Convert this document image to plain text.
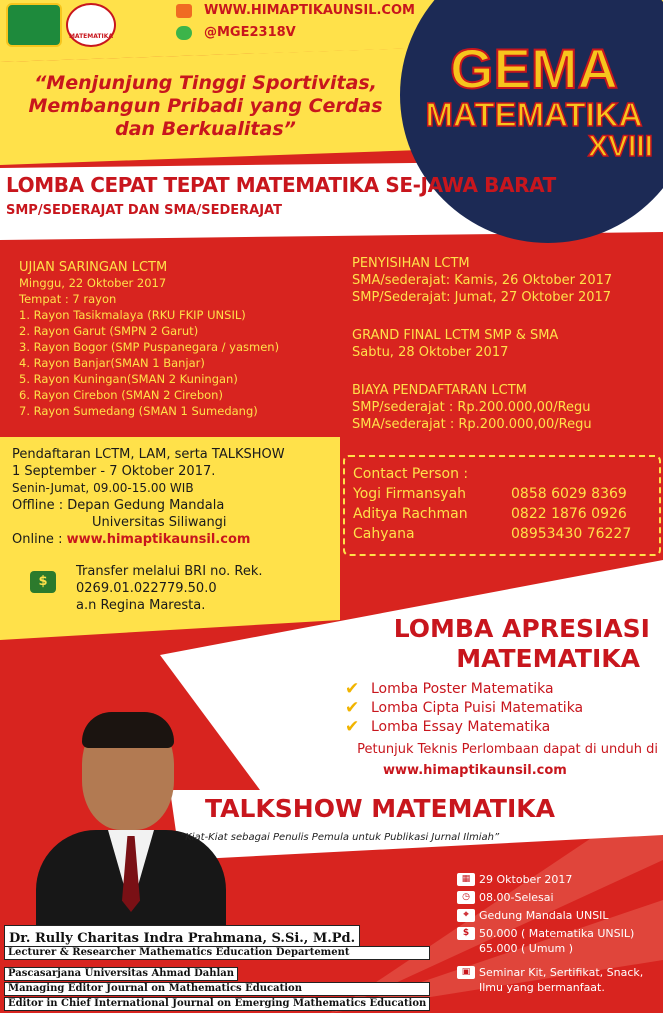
MATEMATIKA
WWW.HIMAPTIKAUNSIL.COM
@MGE2318V
“Menjunjung Tinggi Sportivitas,
Membangun Pribadi yang Cerdas
dan Berkualitas”
GEMA
MATEMATIKA
XVIII
LOMBA CEPAT TEPAT MATEMATIKA SE-JAWA BARAT
SMP/SEDERAJAT DAN SMA/SEDERAJAT
UJIAN SARINGAN LCTM
Minggu, 22 Oktober 2017
Tempat : 7 rayon
1. Rayon Tasikmalaya (RKU FKIP UNSIL)
2. Rayon Garut (SMPN 2 Garut)
3. Rayon Bogor (SMP Puspanegara / yasmen)
4. Rayon Banjar(SMAN 1 Banjar)
5. Rayon Kuningan(SMAN 2 Kuningan)
6. Rayon Cirebon (SMAN 2 Cirebon)
7. Rayon Sumedang (SMAN 1 Sumedang)
PENYISIHAN LCTM
SMA/sederajat: Kamis, 26 Oktober 2017
SMP/Sederajat: Jumat, 27 Oktober 2017
GRAND FINAL LCTM SMP & SMA
Sabtu, 28 Oktober 2017
BIAYA PENDAFTARAN LCTM
SMP/sederajat : Rp.200.000,00/Regu
SMA/sederajat : Rp.200.000,00/Regu
Pendaftaran LCTM, LAM, serta TALKSHOW
1 September - 7 Oktober 2017.
Senin-Jumat, 09.00-15.00 WIB
Offline : Depan Gedung Mandala
Universitas Siliwangi
Online : www.himaptikaunsil.com
$
Transfer melalui BRI no. Rek.
0269.01.022779.50.0
a.n Regina Maresta.
Contact Person :
Yogi Firmansyah	0858 6029 8369
Aditya Rachman	0822 1876 0926
Cahyana	08953430 76227
LOMBA APRESIASI
MATEMATIKA
✔ Lomba Poster Matematika
✔ Lomba Cipta Puisi Matematika
✔ Lomba Essay Matematika
Petunjuk Teknis Perlombaan dapat di unduh di
www.himaptikaunsil.com
TALKSHOW MATEMATIKA
“Kiat-Kiat sebagai Penulis Pemula untuk Publikasi Jurnal Ilmiah”
▦ 29 Oktober 2017
◷ 08.00-Selesai
⌖ Gedung Mandala UNSIL
$ 50.000 ( Matematika UNSIL)
65.000 ( Umum )
▣ Seminar Kit, Sertifikat, Snack,
Ilmu yang bermanfaat.
Dr. Rully Charitas Indra Prahmana, S.Si., M.Pd.
Lecturer & Researcher Mathematics Education Departement
Pascasarjana Universitas Ahmad Dahlan
Managing Editor Journal on Mathematics Education
Editor in Chief International Journal on Emerging Mathematics Education
